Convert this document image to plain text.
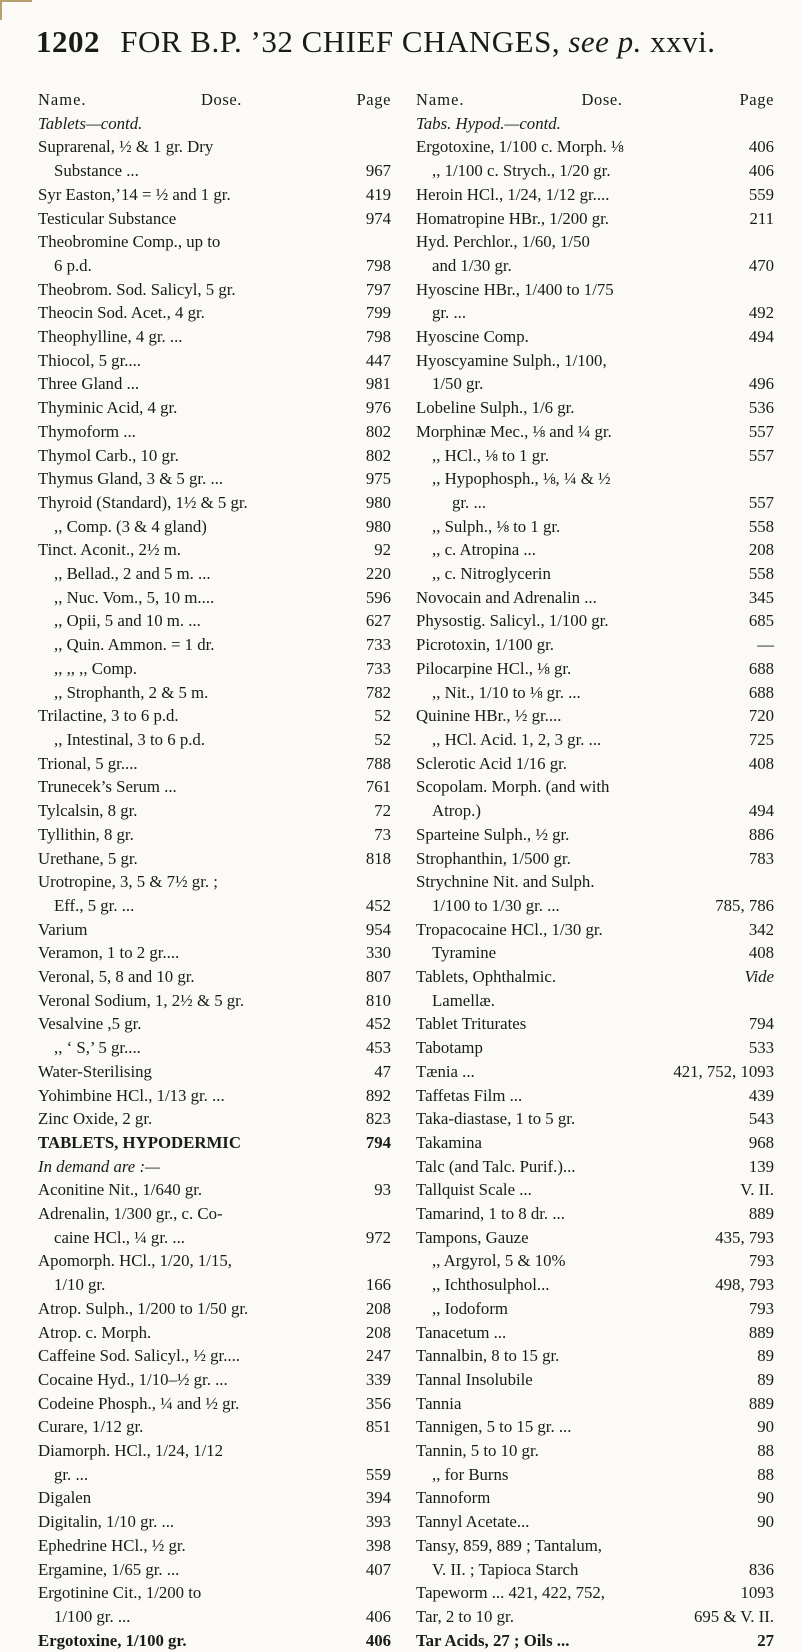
1202 FOR B.P. ’32 CHIEF CHANGES, see p. xxvi.
Name.	Dose.	Page
Tablets—contd.
Suprarenal, ½ & 1 gr. Dry
Substance ...	967
Syr Easton,’14 = ½ and 1 gr.	419
Testicular Substance	974
Theobromine Comp., up to
6 p.d.	798
Theobrom. Sod. Salicyl, 5 gr.	797
Theocin Sod. Acet., 4 gr.	799
Theophylline, 4 gr. ...	798
Thiocol, 5 gr....	447
Three Gland ...	981
Thyminic Acid, 4 gr.	976
Thymoform ...	802
Thymol Carb., 10 gr.	802
Thymus Gland, 3 & 5 gr. ...	975
Thyroid (Standard), 1½ & 5 gr.	980
,, Comp. (3 & 4 gland)	980
Tinct. Aconit., 2½ m.	92
,, Bellad., 2 and 5 m. ...	220
,, Nuc. Vom., 5, 10 m....	596
,, Opii, 5 and 10 m. ...	627
,, Quin. Ammon. = 1 dr.	733
,, ,, ,, Comp.	733
,, Strophanth, 2 & 5 m.	782
Trilactine, 3 to 6 p.d.	52
,, Intestinal, 3 to 6 p.d.	52
Trional, 5 gr....	788
Trunecek’s Serum ...	761
Tylcalsin, 8 gr.	72
Tyllithin, 8 gr.	73
Urethane, 5 gr.	818
Urotropine, 3, 5 & 7½ gr. ;
Eff., 5 gr. ...	452
Varium	954
Veramon, 1 to 2 gr....	330
Veronal, 5, 8 and 10 gr.	807
Veronal Sodium, 1, 2½ & 5 gr.	810
Vesalvine ,5 gr.	452
,, ‘ S,’ 5 gr....	453
Water-Sterilising	47
Yohimbine HCl., 1/13 gr. ...	892
Zinc Oxide, 2 gr.	823
TABLETS, HYPODERMIC	794
In demand are :—
Aconitine Nit., 1/640 gr.	93
Adrenalin, 1/300 gr., c. Co-
caine HCl., ¼ gr. ...	972
Apomorph. HCl., 1/20, 1/15,
1/10 gr.	166
Atrop. Sulph., 1/200 to 1/50 gr.	208
Atrop. c. Morph.	208
Caffeine Sod. Salicyl., ½ gr....	247
Cocaine Hyd., 1/10–½ gr. ...	339
Codeine Phosph., ¼ and ½ gr.	356
Curare, 1/12 gr.	851
Diamorph. HCl., 1/24, 1/12
gr. ...	559
Digalen	394
Digitalin, 1/10 gr. ...	393
Ephedrine HCl., ½ gr.	398
Ergamine, 1/65 gr. ...	407
Ergotinine Cit., 1/200 to
1/100 gr. ...	406
Ergotoxine, 1/100 gr.	406
Name.	Dose.	Page
Tabs. Hypod.—contd.
Ergotoxine, 1/100 c. Morph. ⅛	406
,, 1/100 c. Strych., 1/20 gr.	406
Heroin HCl., 1/24, 1/12 gr....	559
Homatropine HBr., 1/200 gr.	211
Hyd. Perchlor., 1/60, 1/50
and 1/30 gr.	470
Hyoscine HBr., 1/400 to 1/75
gr. ...	492
Hyoscine Comp.	494
Hyoscyamine Sulph., 1/100,
1/50 gr.	496
Lobeline Sulph., 1/6 gr.	536
Morphinæ Mec., ⅛ and ¼ gr.	557
,, HCl., ⅛ to 1 gr.	557
,, Hypophosph., ⅛, ¼ & ½
gr. ...	557
,, Sulph., ⅛ to 1 gr.	558
,, c. Atropina ...	208
,, c. Nitroglycerin	558
Novocain and Adrenalin ...	345
Physostig. Salicyl., 1/100 gr.	685
Picrotoxin, 1/100 gr.	—
Pilocarpine HCl., ⅛ gr.	688
,, Nit., 1/10 to ⅛ gr. ...	688
Quinine HBr., ½ gr....	720
,, HCl. Acid. 1, 2, 3 gr. ...	725
Sclerotic Acid 1/16 gr.	408
Scopolam. Morph. (and with
Atrop.)	494
Sparteine Sulph., ½ gr.	886
Strophanthin, 1/500 gr.	783
Strychnine Nit. and Sulph.
1/100 to 1/30 gr. ...	785, 786
Tropacocaine HCl., 1/30 gr.	342
Tyramine	408
Tablets, Ophthalmic.	Vide
Lamellæ.
Tablet Triturates	794
Tabotamp	533
Tænia ...	421, 752, 1093
Taffetas Film ...	439
Taka-diastase, 1 to 5 gr.	543
Takamina	968
Talc (and Talc. Purif.)...	139
Tallquist Scale ...	V. II.
Tamarind, 1 to 8 dr. ...	889
Tampons, Gauze	435, 793
,, Argyrol, 5 & 10%	793
,, Ichthosulphol...	498, 793
,, Iodoform	793
Tanacetum ...	889
Tannalbin, 8 to 15 gr.	89
Tannal Insolubile	89
Tannia	889
Tannigen, 5 to 15 gr. ...	90
Tannin, 5 to 10 gr.	88
,, for Burns	88
Tannoform	90
Tannyl Acetate...	90
Tansy, 859, 889 ; Tantalum,
V. II. ; Tapioca Starch	836
Tapeworm ... 421, 422, 752,	1093
Tar, 2 to 10 gr.	695 & V. II.
Tar Acids, 27 ; Oils ...	27
